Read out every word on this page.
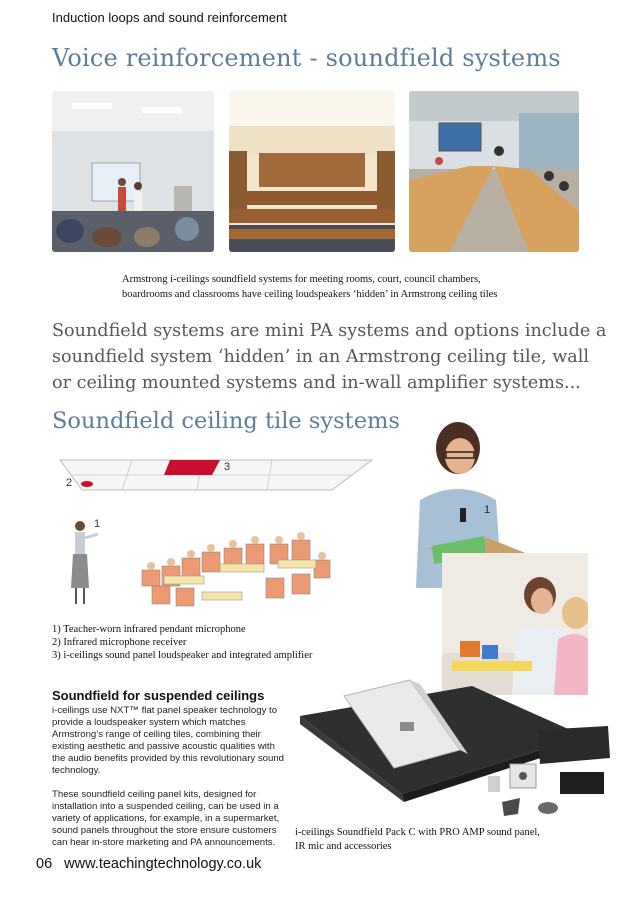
Induction loops and sound reinforcement
Voice reinforcement - soundfield systems
Armstrong i-ceilings soundfield systems for meeting rooms, court, council chambers,
boardrooms and classrooms have ceiling loudspeakers ‘hidden’ in Armstrong ceiling tiles
Soundfield systems are mini PA systems and options include a soundfield system ‘hidden’ in an Armstrong ceiling tile, wall or ceiling mounted systems and in-wall amplifier systems...
Soundfield ceiling tile systems
3
2
1
1
1) Teacher-worn infrared pendant microphone
2) Infrared microphone receiver
3) i-ceilings sound panel loudspeaker and integrated amplifier
Soundfield for suspended ceilings
i-ceilings use NXT™ flat panel speaker technology to provide a loudspeaker system which matches Armstrong’s range of ceiling tiles, combining their existing aesthetic and passive acoustic qualities with the audio benefits provided by this revolutionary sound technology.
These soundfield ceiling panel kits, designed for installation into a suspended ceiling, can be used in a variety of applications, for example, in a supermarket, sound panels throughout the store ensure customers can hear in-store marketing and PA announcements.
i-ceilings Soundfield Pack C with PRO AMP sound panel,
IR mic and accessories
06 www.teachingtechnology.co.uk
